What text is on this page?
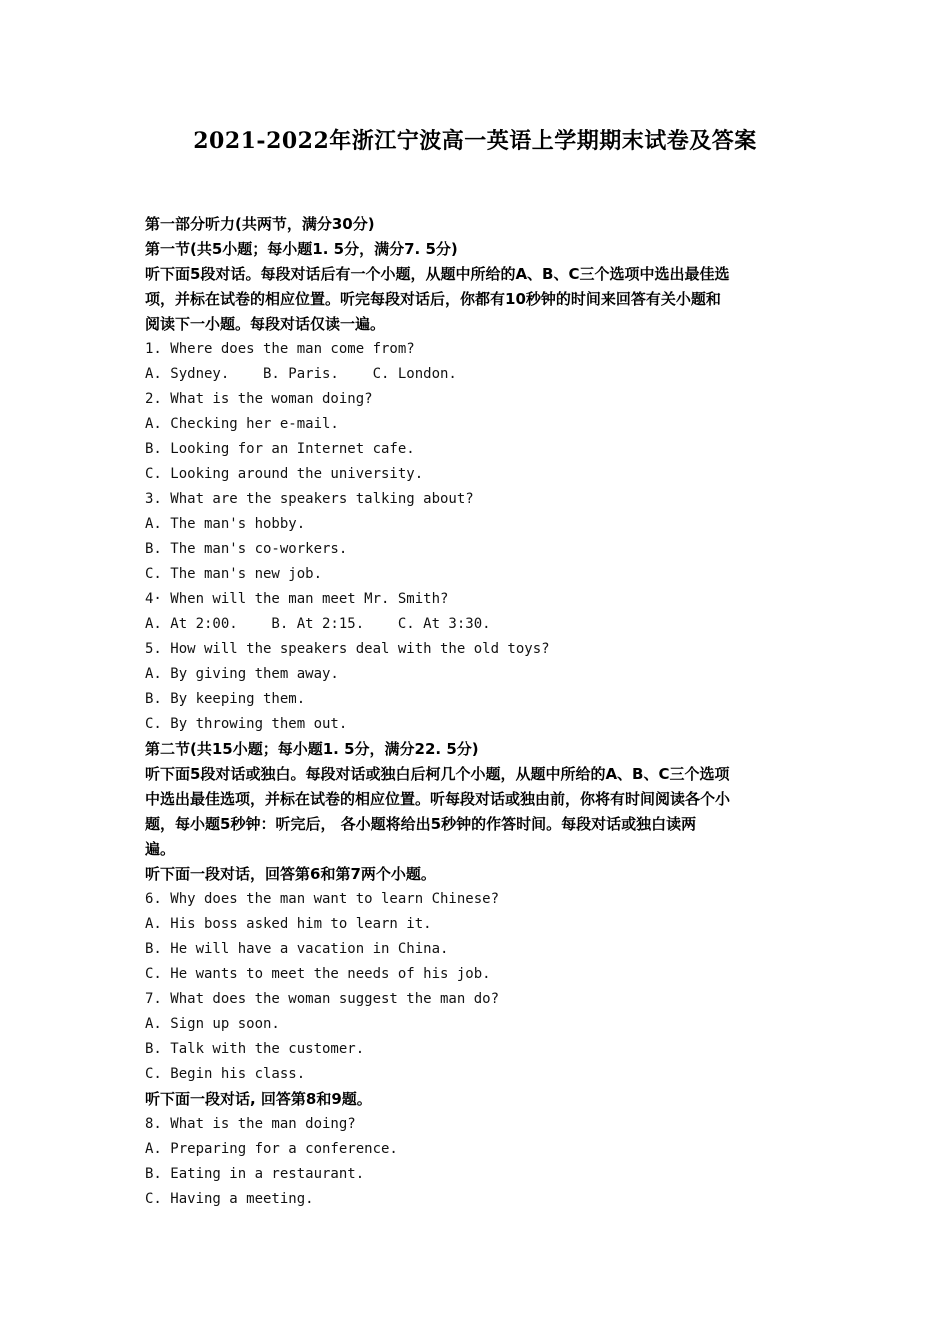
2021-2022年浙江宁波高一英语上学期期末试卷及答案
第一部分听力(共两节，满分30分)
第一节(共5小题；每小题1. 5分，满分7. 5分)
听下面5段对话。每段对话后有一个小题，从题中所给的A、B、C三个选项中选出最佳选
项，并标在试卷的相应位置。听完每段对话后，你都有10秒钟的时间来回答有关小题和
阅读下一小题。每段对话仅读一遍。
1. Where does the man come from?
A. Sydney.    B. Paris.    C. London.
2. What is the woman doing?
A. Checking her e-mail.
B. Looking for an Internet cafe.
C. Looking around the university.
3. What are the speakers talking about?
A. The man's hobby.
B. The man's co-workers.
C. The man's new job.
4· When will the man meet Mr. Smith?
A. At 2:00.    B. At 2:15.    C. At 3:30.
5. How will the speakers deal with the old toys?
A. By giving them away.
B. By keeping them.
C. By throwing them out.
第二节(共15小题；每小题1. 5分，满分22. 5分)
听下面5段对话或独白。每段对话或独白后柯几个小题，从题中所给的A、B、C三个选项
中选出最佳选项，并标在试卷的相应位置。听每段对话或独由前，你将有时间阅读各个小
题，每小题5秒钟：听完后， 各小题将给出5秒钟的作答时间。每段对话或独白读两
遍。
听下面一段对话，回答第6和第7两个小题。
6. Why does the man want to learn Chinese?
A. His boss asked him to learn it.
B. He will have a vacation in China.
C. He wants to meet the needs of his job.
7. What does the woman suggest the man do?
A. Sign up soon.
B. Talk with the customer.
C. Begin his class.
听下面一段对话, 回答第8和9题。
8. What is the man doing?
A. Preparing for a conference.
B. Eating in a restaurant.
C. Having a meeting.
